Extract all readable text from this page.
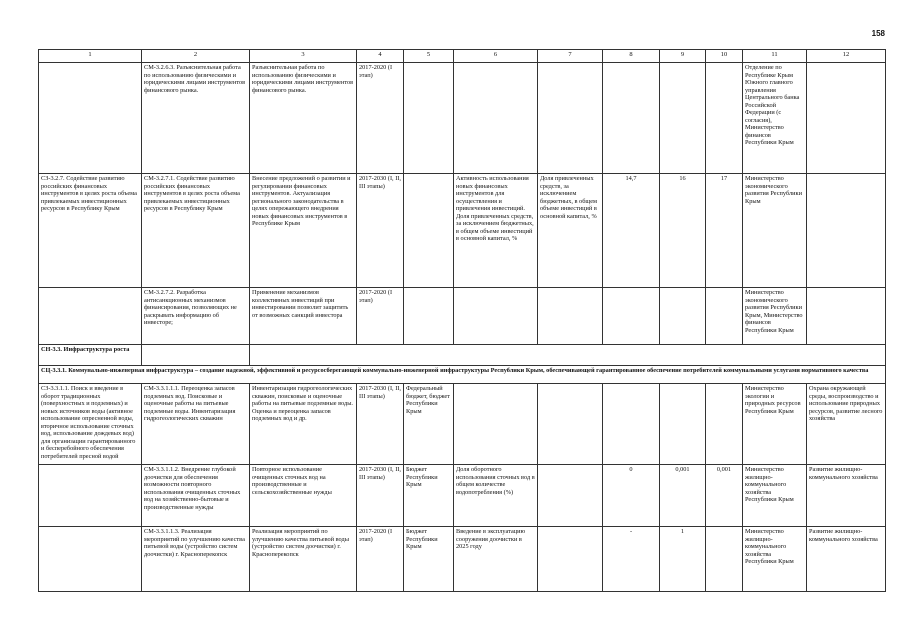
158
1	2	3	4	5	6	7	8	9	10	11	12
	СМ-3.2.6.3. Разъяснительная работа по использованию физическими и юридическими лицами инструментов финансового рынка.	Разъяснительная работа по использованию физическими и юридическими лицами инструментов финансового рынка.	2017-2020 (I этап)							Отделение по Республике Крым Южного главного управления Центрального банка Российской Федерации (с согласия), Министерство финансов Республики Крым	
СЗ-3.2.7. Содействие развитию российских финансовых инструментов в целях роста объема привлекаемых инвестиционных ресурсов в Республику Крым	СМ-3.2.7.1. Содействие развитию российских финансовых инструментов в целях роста объема привлекаемых инвестиционных ресурсов в Республику Крым	Внесение предложений о развитии и регулировании финансовых инструментов. Актуализация регионального законодательства в целях опережающего внедрения новых финансовых инструментов в Республике Крым	2017-2030 (I, II, III этапы)		Активность использования новых финансовых инструментов для осуществления и привлечения инвестиций. Доля привлеченных средств, за исключением бюджетных, в общем объеме инвестиций в основной капитал, %	Доля привлеченных средств, за исключением бюджетных, в общем объеме инвестиций в основной капитал, %	14,7	16	17	Министерство экономического развития Республики Крым	
	СМ-3.2.7.2. Разработка антисанкционных механизмов финансирования, позволяющих не раскрывать информацию об инвесторе;	Применение механизмов коллективных инвестиций при инвестировании позволит защитить от возможных санкций инвестора	2017-2020 (I этап)							Министерство экономического развития Республики Крым, Министерство финансов Республики Крым	
СН-3.3. Инфраструктура роста											
СЦ-3.3.1. Коммунально-инженерная инфраструктура – создание надежной, эффективной и ресурсосберегающей коммунально-инженерной инфраструктуры Республики Крым, обеспечивающей гарантированное обеспечение потребителей коммунальными услугами нормативного качества											
СЗ-3.3.1.1. Поиск и введение в оборот традиционных (поверхностных и подземных) и новых источников воды (активное использование опресненной воды, вторичное использование сточных вод, использование дождевых вод) для организации гарантированного и бесперебойного обеспечения потребителей пресной водой	СМ-3.3.1.1.1. Переоценка запасов подземных вод. Поисковые и оценочные работы на питьевые подземные воды. Инвентаризация гидрогеологических скважин	Инвентаризация гидрогеологических скважин, поисковые и оценочные работы на питьевые подземные воды. Оценка и переоценка запасов подземных вод и др.	2017-2030 (I, II, III этапы)	Федеральный бюджет, бюджет Республики Крым						Министерство экологии и природных ресурсов Республики Крым	Охрана окружающей среды, воспроизводство и использование природных ресурсов, развитие лесного хозяйства
	СМ-3.3.1.1.2. Внедрение глубокой доочистки для обеспечения возможности повторного использования очищенных сточных вод на хозяйственно-бытовые и производственные нужды	Повторное использование очищенных сточных вод на производственные и сельскохозяйственные нужды	2017-2030 (I, II, III этапы)	Бюджет Республики Крым	Доля оборотного использования сточных вод в общем количестве водопотребления (%)		0	0,001	0,001	Министерство жилищно-коммунального хозяйства Республики Крым	Развитие жилищно-коммунального хозяйства
	СМ-3.3.1.1.3. Реализация мероприятий по улучшению качества питьевой воды (устройство систем доочистки) г. Красноперекопск	Реализация мероприятий по улучшению качества питьевой воды (устройство систем доочистки) г. Красноперекопск	2017-2020 (I этап)	Бюджет Республики Крым	Введение в эксплуатацию сооружения доочистки в 2025 году		-	1		Министерство жилищно-коммунального хозяйства Республики Крым	Развитие жилищно-коммунального хозяйства
